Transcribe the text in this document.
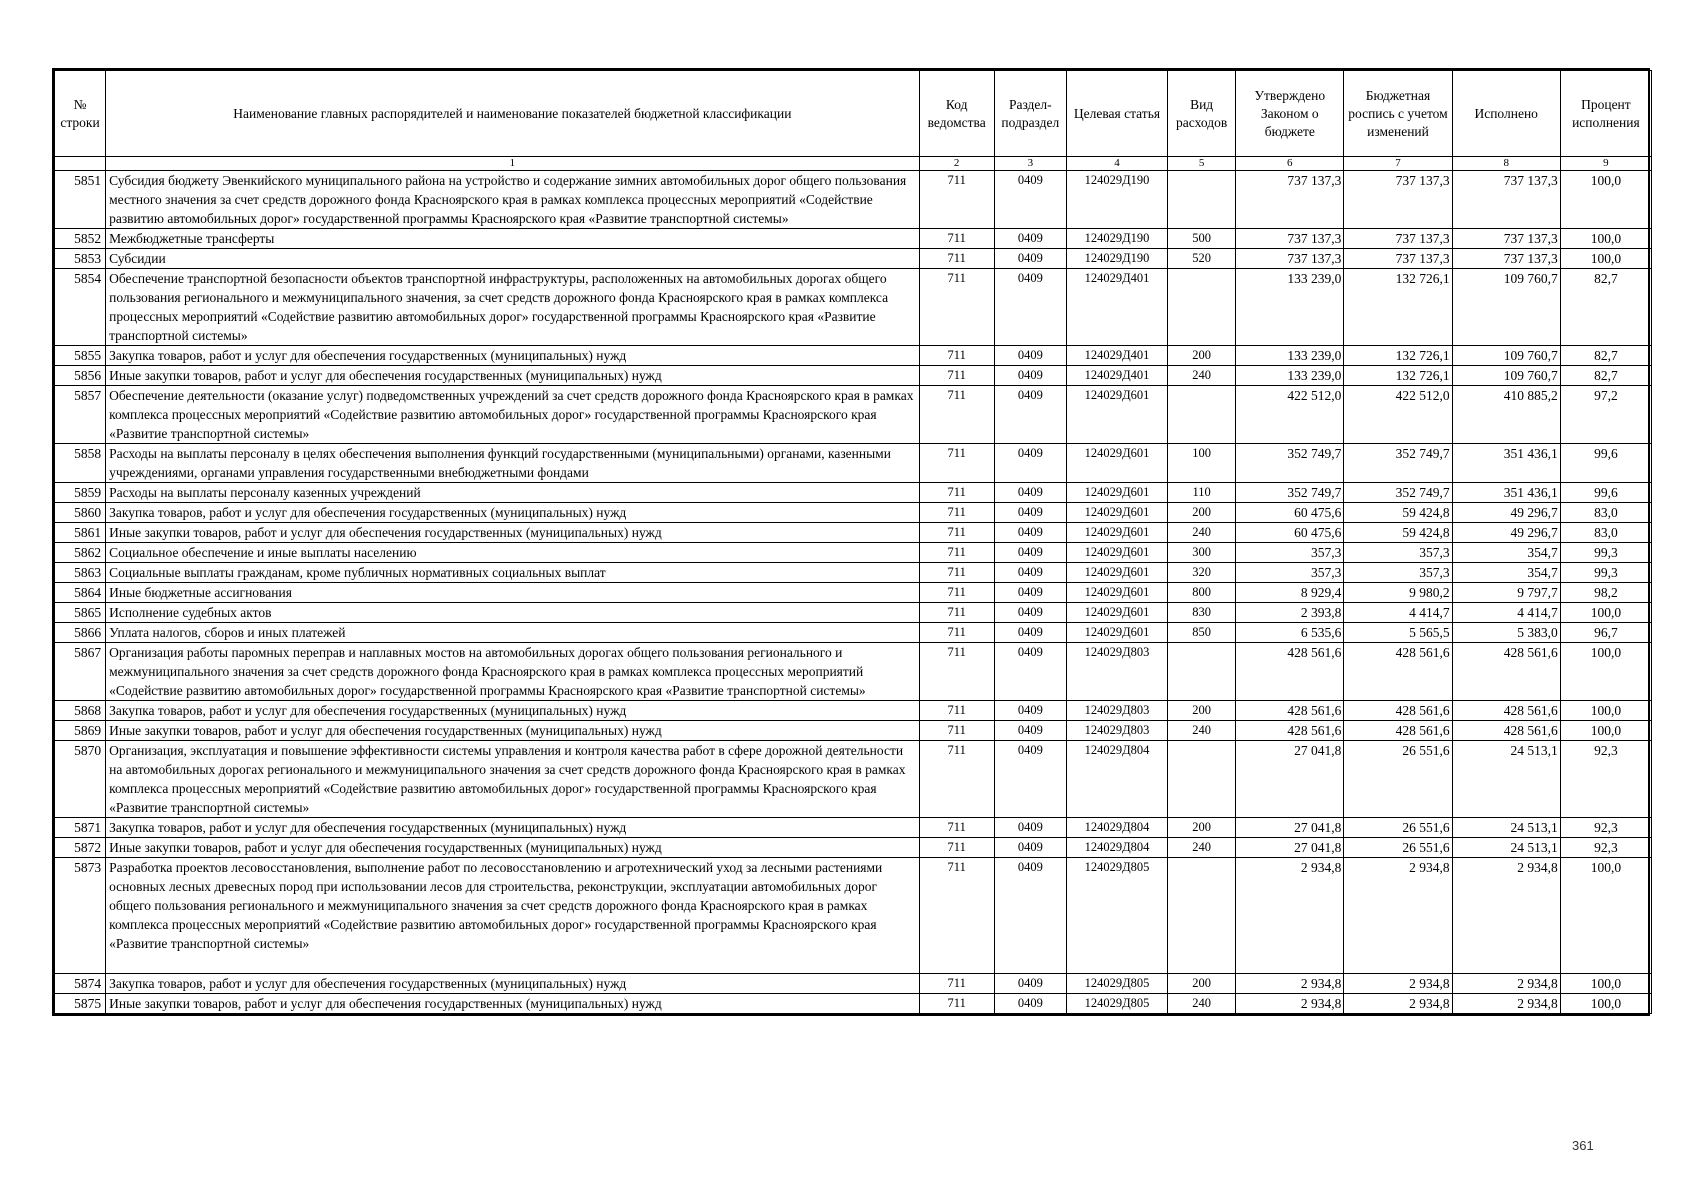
№ строки	Наименование главных распорядителей и наименование показателей бюджетной классификации	Код ведомства	Раздел-подраздел	Целевая статья	Вид расходов	Утверждено Законом о бюджете	Бюджетная роспись с учетом изменений	Исполнено	Процент исполнения
	1	2	3	4	5	6	7	8	9
5851	Субсидия бюджету Эвенкийского муниципального района на устройство и содержание зимних автомобильных дорог общего пользования местного значения за счет средств дорожного фонда Красноярского края в рамках комплекса процессных мероприятий «Содействие развитию автомобильных дорог» государственной программы Красноярского края «Развитие транспортной системы»	711	0409	124029Д190		737 137,3	737 137,3	737 137,3	100,0
5852	Межбюджетные трансферты	711	0409	124029Д190	500	737 137,3	737 137,3	737 137,3	100,0
5853	Субсидии	711	0409	124029Д190	520	737 137,3	737 137,3	737 137,3	100,0
5854	Обеспечение транспортной безопасности объектов транспортной инфраструктуры, расположенных на автомобильных дорогах общего пользования регионального и межмуниципального значения, за счет средств дорожного фонда Красноярского края в рамках комплекса процессных мероприятий «Содействие развитию автомобильных дорог» государственной программы Красноярского края «Развитие транспортной системы»	711	0409	124029Д401		133 239,0	132 726,1	109 760,7	82,7
5855	Закупка товаров, работ и услуг для обеспечения государственных (муниципальных) нужд	711	0409	124029Д401	200	133 239,0	132 726,1	109 760,7	82,7
5856	Иные закупки товаров, работ и услуг для обеспечения государственных (муниципальных) нужд	711	0409	124029Д401	240	133 239,0	132 726,1	109 760,7	82,7
5857	Обеспечение деятельности (оказание услуг) подведомственных учреждений за счет средств дорожного фонда Красноярского края в рамках комплекса процессных мероприятий «Содействие развитию автомобильных дорог» государственной программы Красноярского края «Развитие транспортной системы»	711	0409	124029Д601		422 512,0	422 512,0	410 885,2	97,2
5858	Расходы на выплаты персоналу в целях обеспечения выполнения функций государственными (муниципальными) органами, казенными учреждениями, органами управления государственными внебюджетными фондами	711	0409	124029Д601	100	352 749,7	352 749,7	351 436,1	99,6
5859	Расходы на выплаты персоналу казенных учреждений	711	0409	124029Д601	110	352 749,7	352 749,7	351 436,1	99,6
5860	Закупка товаров, работ и услуг для обеспечения государственных (муниципальных) нужд	711	0409	124029Д601	200	60 475,6	59 424,8	49 296,7	83,0
5861	Иные закупки товаров, работ и услуг для обеспечения государственных (муниципальных) нужд	711	0409	124029Д601	240	60 475,6	59 424,8	49 296,7	83,0
5862	Социальное обеспечение и иные выплаты населению	711	0409	124029Д601	300	357,3	357,3	354,7	99,3
5863	Социальные выплаты гражданам, кроме публичных нормативных социальных выплат	711	0409	124029Д601	320	357,3	357,3	354,7	99,3
5864	Иные бюджетные ассигнования	711	0409	124029Д601	800	8 929,4	9 980,2	9 797,7	98,2
5865	Исполнение судебных актов	711	0409	124029Д601	830	2 393,8	4 414,7	4 414,7	100,0
5866	Уплата налогов, сборов и иных платежей	711	0409	124029Д601	850	6 535,6	5 565,5	5 383,0	96,7
5867	Организация работы паромных переправ и наплавных мостов на автомобильных дорогах общего пользования регионального и межмуниципального значения за счет средств дорожного фонда Красноярского края в рамках комплекса процессных мероприятий «Содействие развитию автомобильных дорог» государственной программы Красноярского края «Развитие транспортной системы»	711	0409	124029Д803		428 561,6	428 561,6	428 561,6	100,0
5868	Закупка товаров, работ и услуг для обеспечения государственных (муниципальных) нужд	711	0409	124029Д803	200	428 561,6	428 561,6	428 561,6	100,0
5869	Иные закупки товаров, работ и услуг для обеспечения государственных (муниципальных) нужд	711	0409	124029Д803	240	428 561,6	428 561,6	428 561,6	100,0
5870	Организация, эксплуатация и повышение эффективности системы управления и контроля качества работ в сфере дорожной деятельности на автомобильных дорогах регионального и межмуниципального значения за счет средств дорожного фонда Красноярского края в рамках комплекса процессных мероприятий «Содействие развитию автомобильных дорог» государственной программы Красноярского края «Развитие транспортной системы»	711	0409	124029Д804		27 041,8	26 551,6	24 513,1	92,3
5871	Закупка товаров, работ и услуг для обеспечения государственных (муниципальных) нужд	711	0409	124029Д804	200	27 041,8	26 551,6	24 513,1	92,3
5872	Иные закупки товаров, работ и услуг для обеспечения государственных (муниципальных) нужд	711	0409	124029Д804	240	27 041,8	26 551,6	24 513,1	92,3
5873	Разработка проектов лесовосстановления, выполнение работ по лесовосстановлению и агротехнический уход за лесными растениями основных лесных древесных пород при использовании лесов для строительства, реконструкции, эксплуатации автомобильных дорог общего пользования регионального и межмуниципального значения за счет средств дорожного фонда Красноярского края в рамках комплекса процессных мероприятий «Содействие развитию автомобильных дорог» государственной программы Красноярского края «Развитие транспортной системы»	711	0409	124029Д805		2 934,8	2 934,8	2 934,8	100,0
5874	Закупка товаров, работ и услуг для обеспечения государственных (муниципальных) нужд	711	0409	124029Д805	200	2 934,8	2 934,8	2 934,8	100,0
5875	Иные закупки товаров, работ и услуг для обеспечения государственных (муниципальных) нужд	711	0409	124029Д805	240	2 934,8	2 934,8	2 934,8	100,0
361
